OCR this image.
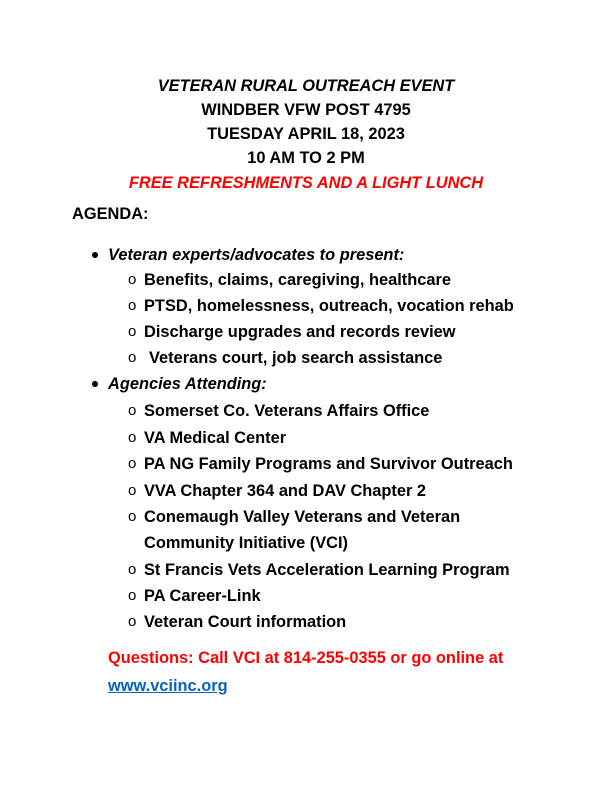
VETERAN RURAL OUTREACH EVENT
WINDBER VFW POST 4795
TUESDAY APRIL 18, 2023
10 AM TO 2 PM
FREE REFRESHMENTS AND A LIGHT LUNCH
AGENDA:
Veteran experts/advocates to present:
o Benefits, claims, caregiving, healthcare
o PTSD, homelessness, outreach, vocation rehab
o Discharge upgrades and records review
o Veterans court, job search assistance
Agencies Attending:
o Somerset Co. Veterans Affairs Office
o VA Medical Center
o PA NG Family Programs and Survivor Outreach
o VVA Chapter 364 and DAV Chapter 2
o Conemaugh Valley Veterans and Veteran
Community Initiative (VCI)
o St Francis Vets Acceleration Learning Program
o PA Career-Link
o Veteran Court information
Questions: Call VCI at 814-255-0355 or go online at
www.vciinc.org
